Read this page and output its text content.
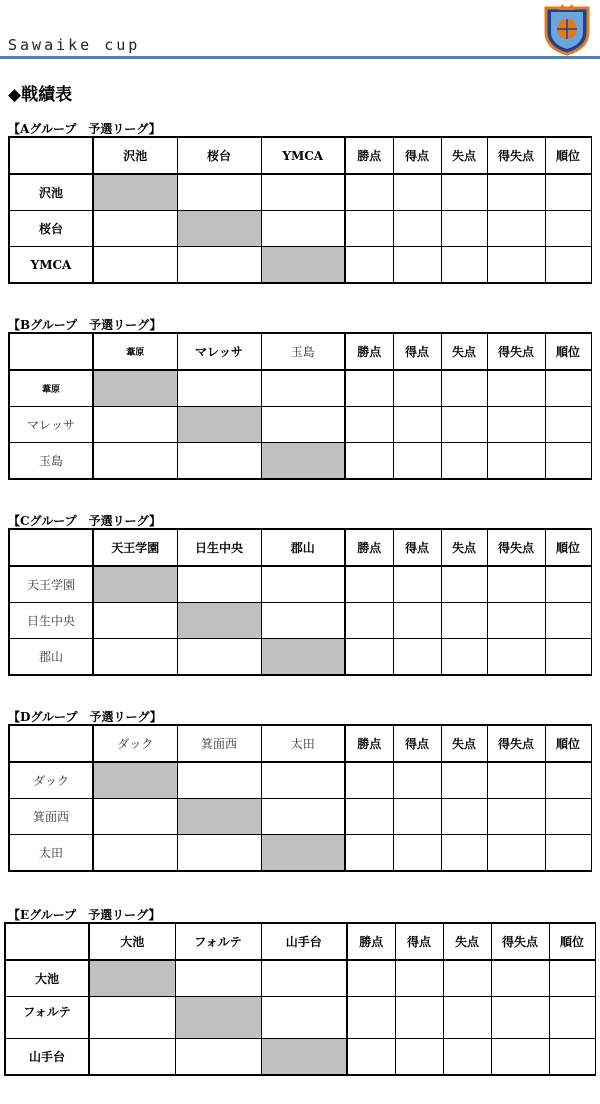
Sawaike cup
◆戦績表
【Aグループ　予選リーグ】
	沢池	桜台	YMCA	勝点	得点	失点	得失点	順位
沢池								
桜台								
YMCA								
【Bグループ　予選リーグ】
	葦原	マレッサ	玉島	勝点	得点	失点	得失点	順位
葦原								
マレッサ								
玉島								
【Cグループ　予選リーグ】
	天王学園	日生中央	郡山	勝点	得点	失点	得失点	順位
天王学園								
日生中央								
郡山								
【Dグループ　予選リーグ】
	ダック	箕面西	太田	勝点	得点	失点	得失点	順位
ダック								
箕面西								
太田								
【Eグループ　予選リーグ】
	大池	フォルテ	山手台	勝点	得点	失点	得失点	順位
大池								
フォルテ								
山手台								
